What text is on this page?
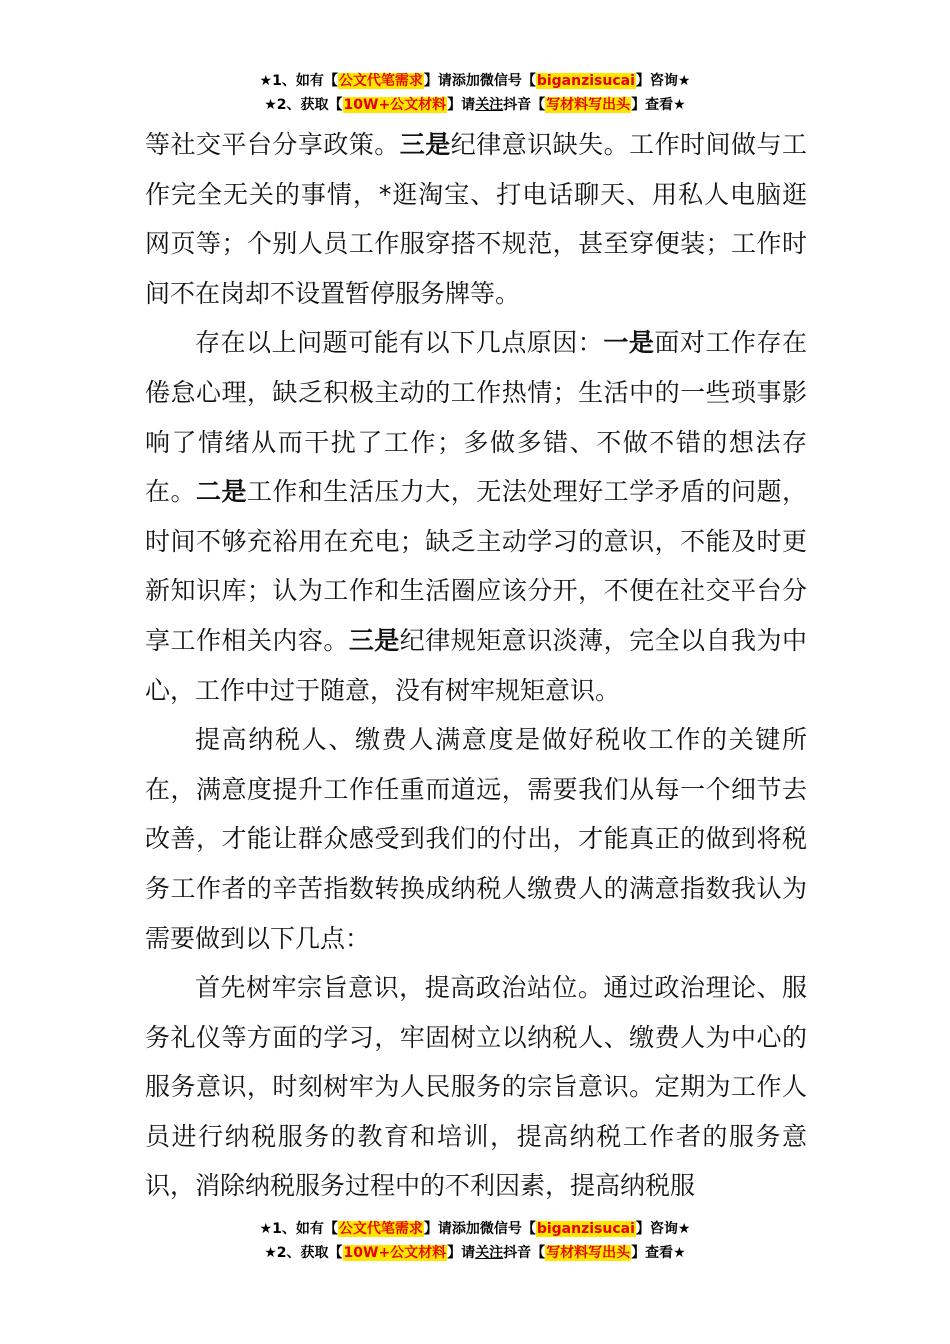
★1、如有【公文代笔需求】请添加微信号【biganzisucai】咨询★
★2、获取【10W+公文材料】请关注抖音【写材料写出头】查看★

等社交平台分享政策。三是纪律意识缺失。工作时间做与工作完全无关的事情，*逛淘宝、打电话聊天、用私人电脑逛网页等；个别人员工作服穿搭不规范，甚至穿便装；工作时间不在岗却不设置暂停服务牌等。

存在以上问题可能有以下几点原因：一是面对工作存在倦怠心理，缺乏积极主动的工作热情；生活中的一些琐事影响了情绪从而干扰了工作；多做多错、不做不错的想法存在。二是工作和生活压力大，无法处理好工学矛盾的问题，时间不够充裕用在充电；缺乏主动学习的意识，不能及时更新知识库；认为工作和生活圈应该分开，不便在社交平台分享工作相关内容。三是纪律规矩意识淡薄，完全以自我为中心，工作中过于随意，没有树牢规矩意识。

提高纳税人、缴费人满意度是做好税收工作的关键所在，满意度提升工作任重而道远，需要我们从每一个细节去改善，才能让群众感受到我们的付出，才能真正的做到将税务工作者的辛苦指数转换成纳税人缴费人的满意指数我认为需要做到以下几点：

首先树牢宗旨意识，提高政治站位。通过政治理论、服务礼仪等方面的学习，牢固树立以纳税人、缴费人为中心的服务意识，时刻树牢为人民服务的宗旨意识。定期为工作人员进行纳税服务的教育和培训，提高纳税工作者的服务意识，消除纳税服务过程中的不利因素，提高纳税服

★1、如有【公文代笔需求】请添加微信号【biganzisucai】咨询★
★2、获取【10W+公文材料】请关注抖音【写材料写出头】查看★
